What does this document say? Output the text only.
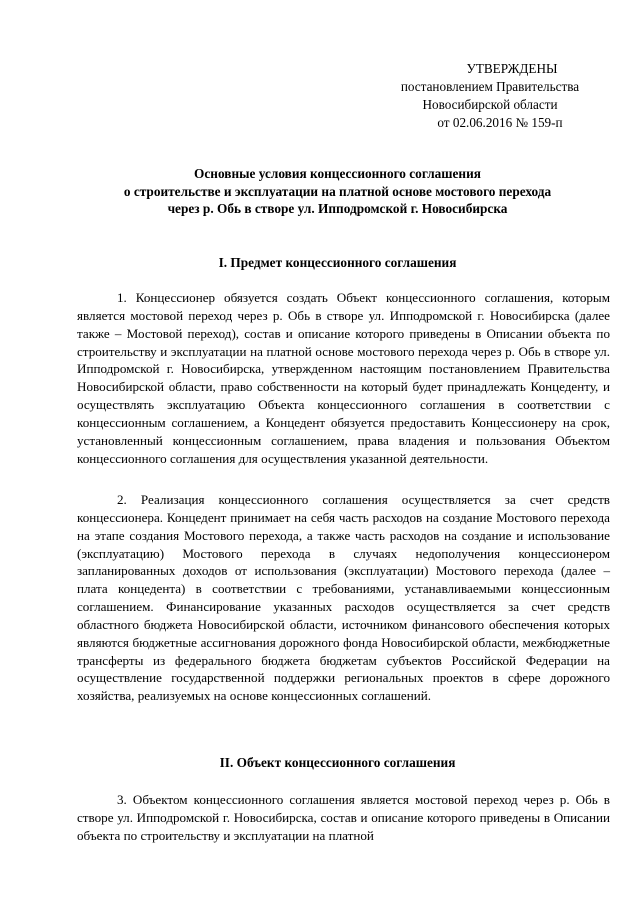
УТВЕРЖДЕНЫ
постановлением Правительства
Новосибирской области
от 02.06.2016 № 159-п
Основные условия концессионного соглашения
о строительстве и эксплуатации на платной основе мостового перехода
через р. Обь в створе ул. Ипподромской г. Новосибирска
I. Предмет концессионного соглашения

1. Концессионер обязуется создать Объект концессионного соглашения, которым является мостовой переход через р. Обь в створе ул. Ипподромской г. Новосибирска (далее также – Мостовой переход), состав и описание которого приведены в Описании объекта по строительству и эксплуатации на платной основе мостового перехода через р. Обь в створе ул. Ипподромской г. Новосибирска, утвержденном настоящим постановлением Правительства Новосибирской области, право собственности на который будет принадлежать Концеденту, и осуществлять эксплуатацию Объекта концессионного соглашения в соответствии с концессионным соглашением, а Концедент обязуется предоставить Концессионеру на срок, установленный концессионным соглашением, права владения и пользования Объектом концессионного соглашения для осуществления указанной деятельности.

2. Реализация концессионного соглашения осуществляется за счет средств концессионера. Концедент принимает на себя часть расходов на создание Мостового перехода на этапе создания Мостового перехода, а также часть расходов на создание и использование (эксплуатацию) Мостового перехода в случаях недополучения концессионером запланированных доходов от использования (эксплуатации) Мостового перехода (далее – плата концедента) в соответствии с требованиями, устанавливаемыми концессионным соглашением. Финансирование указанных расходов осуществляется за счет средств областного бюджета Новосибирской области, источником финансового обеспечения которых являются бюджетные ассигнования дорожного фонда Новосибирской области, межбюджетные трансферты из федерального бюджета бюджетам субъектов Российской Федерации на осуществление государственной поддержки региональных проектов в сфере дорожного хозяйства, реализуемых на основе концессионных соглашений.

II. Объект концессионного соглашения

3. Объектом концессионного соглашения является мостовой переход через р. Обь в створе ул. Ипподромской г. Новосибирска, состав и описание которого приведены в Описании объекта по строительству и эксплуатации на платной
